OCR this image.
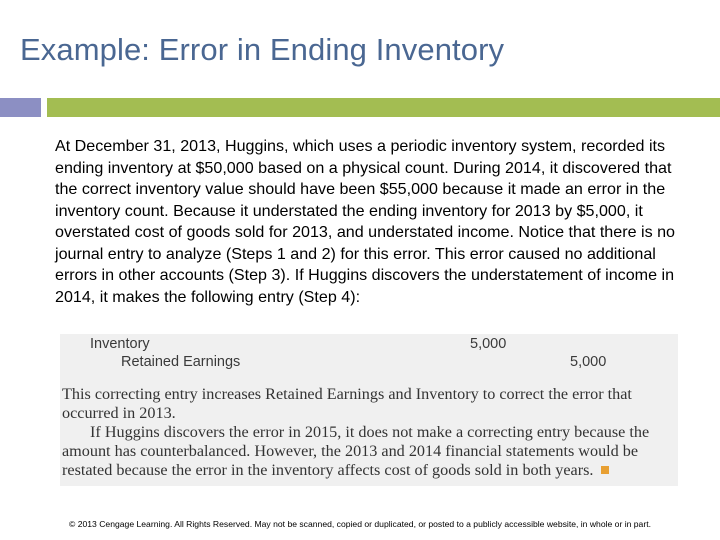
Example: Error in Ending Inventory
At December 31, 2013, Huggins, which uses a periodic inventory system, recorded its ending inventory at $50,000 based on a physical count. During 2014, it discovered that the correct inventory value should have been $55,000 because it made an error in the inventory count. Because it understated the ending inventory for 2013 by $5,000, it overstated cost of goods sold for 2013, and understated income. Notice that there is no journal entry to analyze (Steps 1 and 2) for this error. This error caused no additional errors in other accounts (Step 3). If Huggins discovers the understatement of income in 2014, it makes the following entry (Step 4):
Inventory
Retained Earnings
5,000
5,000

This correcting entry increases Retained Earnings and Inventory to correct the error that occurred in 2013.

If Huggins discovers the error in 2015, it does not make a correcting entry because the amount has counterbalanced. However, the 2013 and 2014 financial statements would be restated because the error in the inventory affects cost of goods sold in both years.

© 2013 Cengage Learning. All Rights Reserved. May not be scanned, copied or duplicated, or posted to a publicly accessible website, in whole or in part.
